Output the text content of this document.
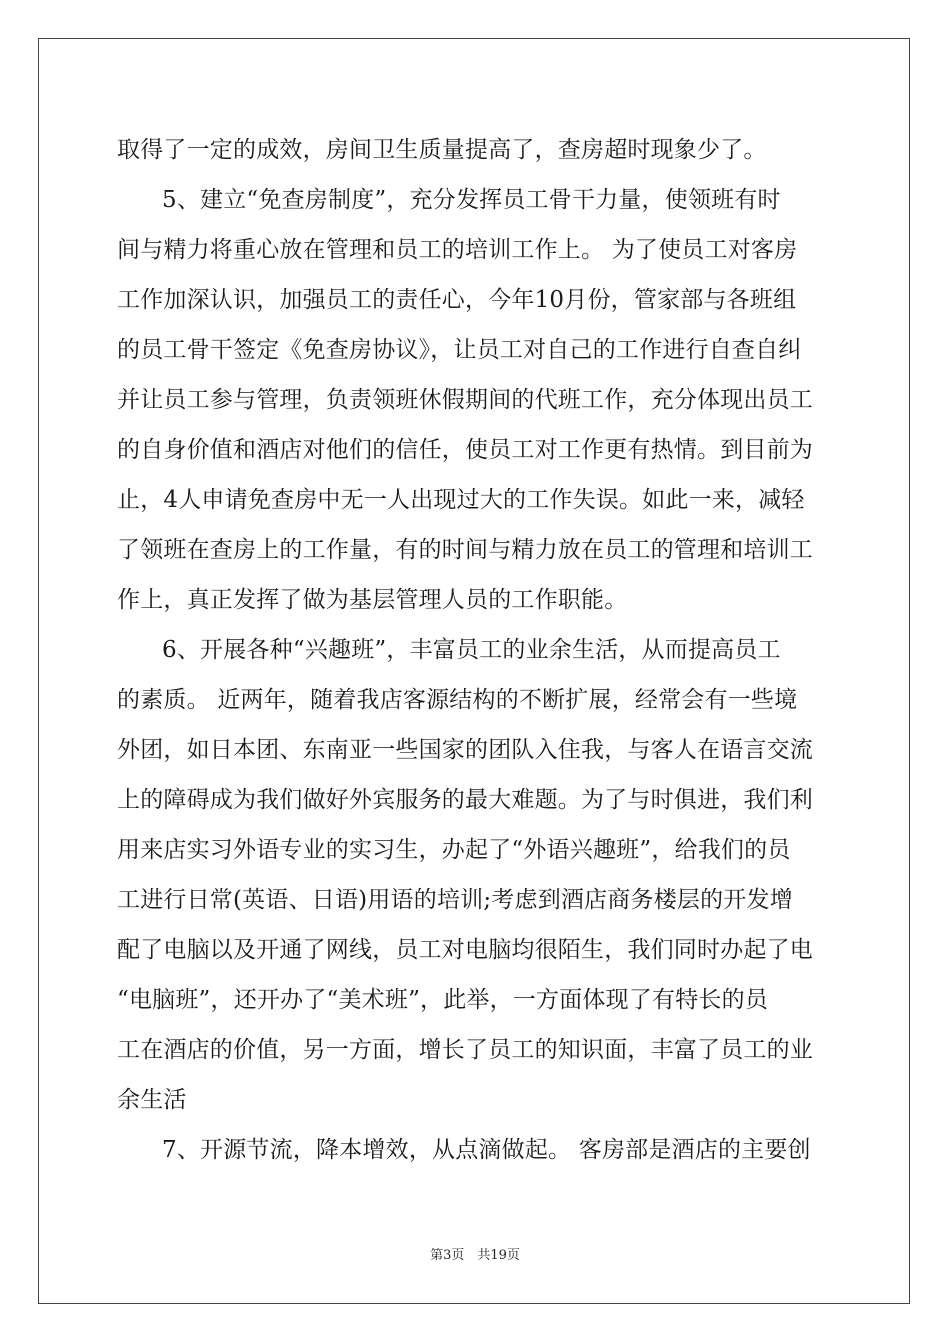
取得了一定的成效，房间卫生质量提高了，查房超时现象少了。
5、建立“免查房制度”，充分发挥员工骨干力量，使领班有时
间与精力将重心放在管理和员工的培训工作上。 为了使员工对客房
工作加深认识，加强员工的责任心，今年10月份，管家部与各班组
的员工骨干签定《免查房协议》，让员工对自己的工作进行自查自纠
并让员工参与管理，负责领班休假期间的代班工作，充分体现出员工
的自身价值和酒店对他们的信任，使员工对工作更有热情。到目前为
止，4人申请免查房中无一人出现过大的工作失误。如此一来，减轻
了领班在查房上的工作量，有的时间与精力放在员工的管理和培训工
作上，真正发挥了做为基层管理人员的工作职能。
6、开展各种“兴趣班”，丰富员工的业余生活，从而提高员工
的素质。 近两年，随着我店客源结构的不断扩展，经常会有一些境
外团，如日本团、东南亚一些国家的团队入住我，与客人在语言交流
上的障碍成为我们做好外宾服务的最大难题。为了与时俱进，我们利
用来店实习外语专业的实习生，办起了“外语兴趣班”，给我们的员
工进行日常(英语、日语)用语的培训;考虑到酒店商务楼层的开发增
配了电脑以及开通了网线，员工对电脑均很陌生，我们同时办起了电
“电脑班”，还开办了“美术班”，此举，一方面体现了有特长的员
工在酒店的价值，另一方面，增长了员工的知识面，丰富了员工的业
余生活
7、开源节流，降本增效，从点滴做起。 客房部是酒店的主要创
第3页　共19页
